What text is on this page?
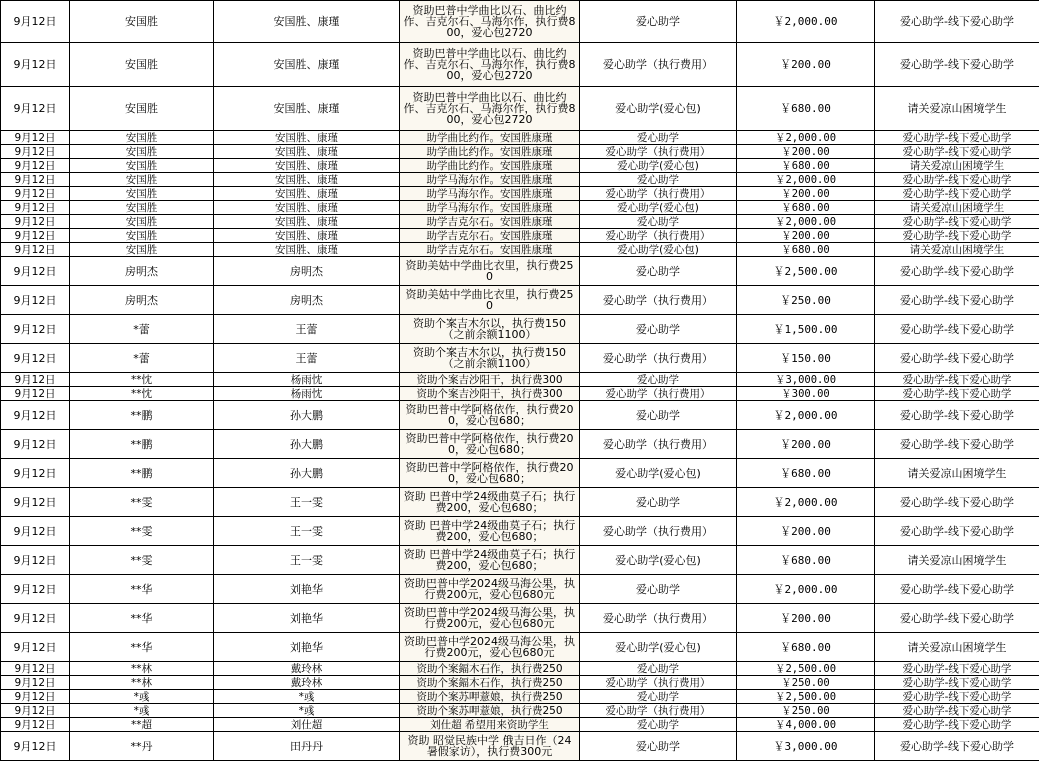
9月12日	安国胜	安国胜、康瑾	资助巴普中学曲比以石、曲比约作、吉克尔石、马海尔作，执行费800，爱心包2720	爱心助学	￥2,000.00	爱心助学-线下爱心助学
9月12日	安国胜	安国胜、康瑾	资助巴普中学曲比以石、曲比约作、吉克尔石、马海尔作，执行费800，爱心包2720	爱心助学（执行费用）	￥200.00	爱心助学-线下爱心助学
9月12日	安国胜	安国胜、康瑾	资助巴普中学曲比以石、曲比约作、吉克尔石、马海尔作，执行费800，爱心包2720	爱心助学(爱心包)	￥680.00	请关爱凉山困境学生
9月12日	安国胜	安国胜、康瑾	助学曲比约作。安国胜康瑾	爱心助学	￥2,000.00	爱心助学-线下爱心助学
9月12日	安国胜	安国胜、康瑾	助学曲比约作。安国胜康瑾	爱心助学（执行费用）	￥200.00	爱心助学-线下爱心助学
9月12日	安国胜	安国胜、康瑾	助学曲比约作。安国胜康瑾	爱心助学(爱心包)	￥680.00	请关爱凉山困境学生
9月12日	安国胜	安国胜、康瑾	助学马海尔作。安国胜康瑾	爱心助学	￥2,000.00	爱心助学-线下爱心助学
9月12日	安国胜	安国胜、康瑾	助学马海尔作。安国胜康瑾	爱心助学（执行费用）	￥200.00	爱心助学-线下爱心助学
9月12日	安国胜	安国胜、康瑾	助学马海尔作。安国胜康瑾	爱心助学(爱心包)	￥680.00	请关爱凉山困境学生
9月12日	安国胜	安国胜、康瑾	助学吉克尔石。安国胜康瑾	爱心助学	￥2,000.00	爱心助学-线下爱心助学
9月12日	安国胜	安国胜、康瑾	助学吉克尔石。安国胜康瑾	爱心助学（执行费用）	￥200.00	爱心助学-线下爱心助学
9月12日	安国胜	安国胜、康瑾	助学吉克尔石。安国胜康瑾	爱心助学(爱心包)	￥680.00	请关爱凉山困境学生
9月12日	房明杰	房明杰	资助美姑中学曲比衣里，执行费250	爱心助学	￥2,500.00	爱心助学-线下爱心助学
9月12日	房明杰	房明杰	资助美姑中学曲比衣里，执行费250	爱心助学（执行费用）	￥250.00	爱心助学-线下爱心助学
9月12日	*蕾	王蕾	资助个案吉木尔以，执行费150（之前余额1100）	爱心助学	￥1,500.00	爱心助学-线下爱心助学
9月12日	*蕾	王蕾	资助个案吉木尔以，执行费150（之前余额1100）	爱心助学（执行费用）	￥150.00	爱心助学-线下爱心助学
9月12日	**忱	杨雨忱	资助个案吉沙阳干，执行费300	爱心助学	￥3,000.00	爱心助学-线下爱心助学
9月12日	**忱	杨雨忱	资助个案吉沙阳干，执行费300	爱心助学（执行费用）	￥300.00	爱心助学-线下爱心助学
9月12日	**鹏	孙大鹏	资助巴普中学阿格依作，执行费200，爱心包680；	爱心助学	￥2,000.00	爱心助学-线下爱心助学
9月12日	**鹏	孙大鹏	资助巴普中学阿格依作，执行费200，爱心包680；	爱心助学（执行费用）	￥200.00	爱心助学-线下爱心助学
9月12日	**鹏	孙大鹏	资助巴普中学阿格依作，执行费200，爱心包680；	爱心助学(爱心包)	￥680.00	请关爱凉山困境学生
9月12日	**雯	王一雯	资助 巴普中学24级曲莫子石；执行费200，爱心包680；	爱心助学	￥2,000.00	爱心助学-线下爱心助学
9月12日	**雯	王一雯	资助 巴普中学24级曲莫子石；执行费200，爱心包680；	爱心助学（执行费用）	￥200.00	爱心助学-线下爱心助学
9月12日	**雯	王一雯	资助 巴普中学24级曲莫子石；执行费200，爱心包680；	爱心助学(爱心包)	￥680.00	请关爱凉山困境学生
9月12日	**华	刘艳华	资助巴普中学2024级马海公果，执行费200元，爱心包680元	爱心助学	￥2,000.00	爱心助学-线下爱心助学
9月12日	**华	刘艳华	资助巴普中学2024级马海公果，执行费200元，爱心包680元	爱心助学（执行费用）	￥200.00	爱心助学-线下爱心助学
9月12日	**华	刘艳华	资助巴普中学2024级马海公果，执行费200元，爱心包680元	爱心助学(爱心包)	￥680.00	请关爱凉山困境学生
9月12日	**林	戴玲林	资助个案鍢木石作，执行费250	爱心助学	￥2,500.00	爱心助学-线下爱心助学
9月12日	**林	戴玲林	资助个案鍢木石作，执行费250	爱心助学（执行费用）	￥250.00	爱心助学-线下爱心助学
9月12日	*彧	*彧	资助个案苏呷薏娘，执行费250	爱心助学	￥2,500.00	爱心助学-线下爱心助学
9月12日	*彧	*彧	资助个案苏呷薏娘，执行费250	爱心助学（执行费用）	￥250.00	爱心助学-线下爱心助学
9月12日	**超	刘仕超	刘仕超 希望用来资助学生	爱心助学	￥4,000.00	爱心助学-线下爱心助学
9月12日	**丹	田丹丹	资助 昭觉民族中学 俄吉日作（24暑假家访），执行费300元	爱心助学	￥3,000.00	爱心助学-线下爱心助学
